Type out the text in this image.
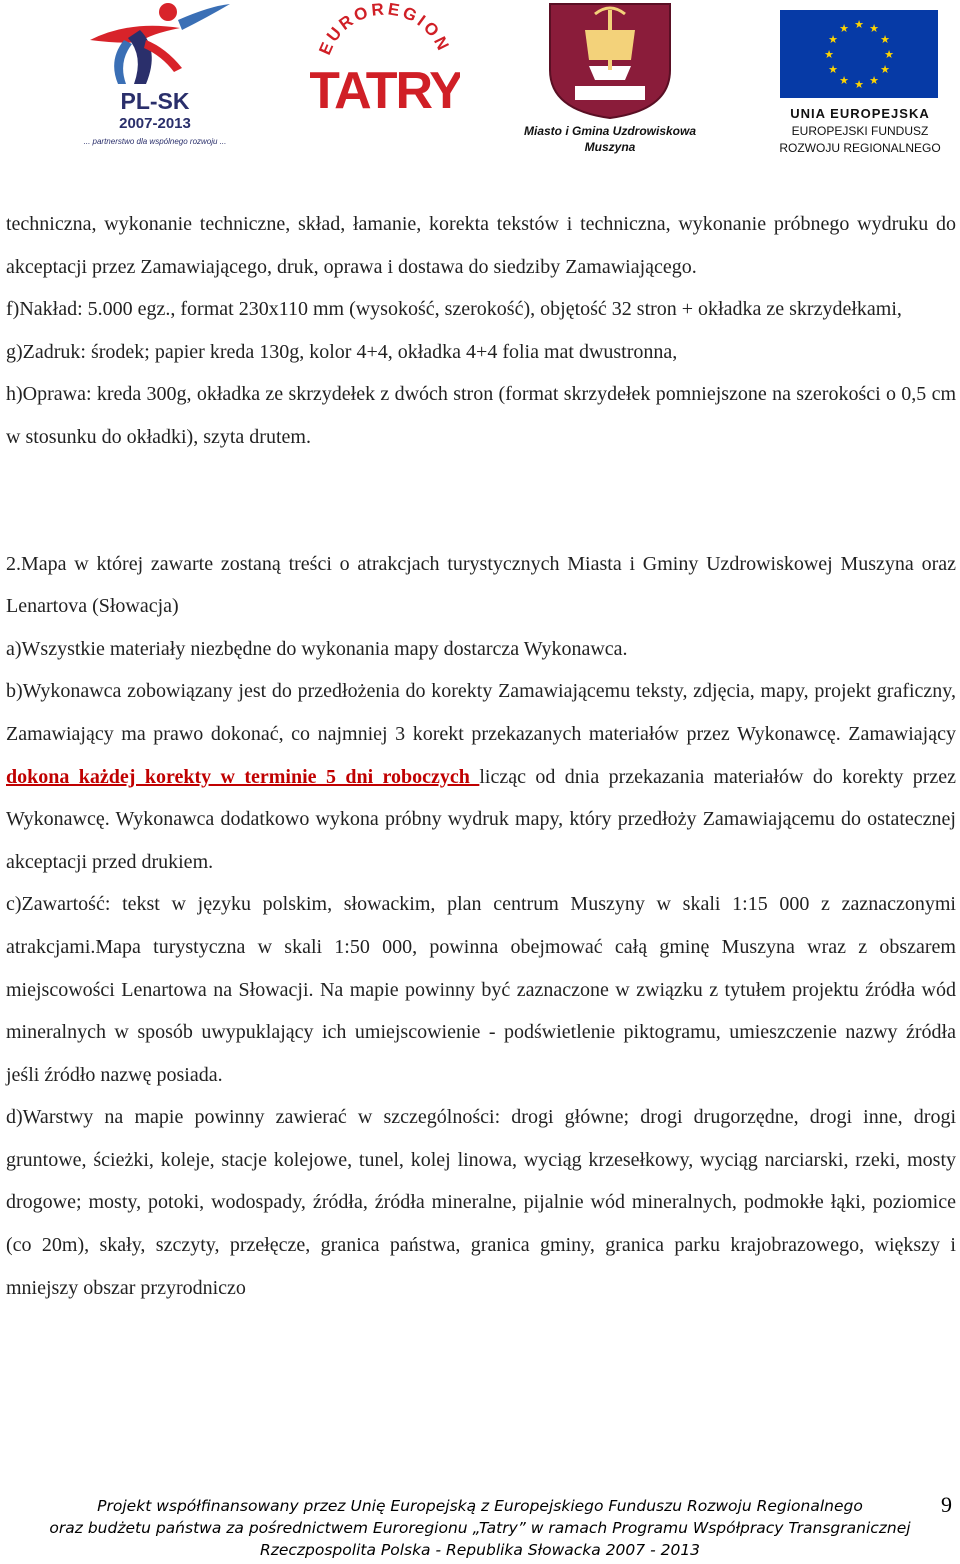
PL-SK
2007-2013
... partnerstwo dla wspólnego rozwoju ...
EUROREGION
TATRY
Miasto i Gmina Uzdrowiskowa
Muszyna
★ ★
★
★
★
★
★
★
★
★
★
★
UNIA EUROPEJSKA
EUROPEJSKI FUNDUSZ
ROZWOJU REGIONALNEGO

techniczna, wykonanie techniczne, skład, łamanie, korekta tekstów i techniczna, wykonanie próbnego wydruku do akceptacji przez Zamawiającego, druk, oprawa i dostawa do siedziby Zamawiającego.

f)Nakład: 5.000 egz., format 230x110 mm (wysokość, szerokość), objętość 32 stron + okładka ze skrzydełkami,

g)Zadruk: środek; papier kreda 130g, kolor 4+4, okładka 4+4 folia mat dwustronna,

h)Oprawa: kreda 300g, okładka ze skrzydełek z dwóch stron (format skrzydełek pomniejszone na szerokości o 0,5 cm w stosunku do okładki), szyta drutem.

2.Mapa w której zawarte zostaną treści o atrakcjach turystycznych Miasta i Gminy Uzdrowiskowej Muszyna oraz Lenartova (Słowacja)

a)Wszystkie materiały niezbędne do wykonania mapy dostarcza Wykonawca.

b)Wykonawca zobowiązany jest do przedłożenia do korekty Zamawiającemu teksty, zdjęcia, mapy, projekt graficzny, Zamawiający ma prawo dokonać, co najmniej 3 korekt przekazanych materiałów przez Wykonawcę. Zamawiający dokona każdej korekty w terminie 5 dni roboczych licząc od dnia przekazania materiałów do korekty przez Wykonawcę. Wykonawca dodatkowo wykona próbny wydruk mapy, który przedłoży Zamawiającemu do ostatecznej akceptacji przed drukiem.

c)Zawartość: tekst w języku polskim, słowackim, plan centrum Muszyny w skali 1:15 000 z zaznaczonymi atrakcjami.Mapa turystyczna w skali 1:50 000, powinna obejmować całą gminę Muszyna wraz z obszarem miejscowości Lenartowa na Słowacji. Na mapie powinny być zaznaczone w związku z tytułem projektu źródła wód mineralnych w sposób uwypuklający ich umiejscowienie - podświetlenie piktogramu, umieszczenie nazwy źródła jeśli źródło nazwę posiada.

d)Warstwy na mapie powinny zawierać w szczególności: drogi główne; drogi drugorzędne, drogi inne, drogi gruntowe, ścieżki, koleje, stacje kolejowe, tunel, kolej linowa, wyciąg krzesełkowy, wyciąg narciarski, rzeki, mosty drogowe; mosty, potoki, wodospady, źródła, źródła mineralne, pijalnie wód mineralnych, podmokłe łąki, poziomice (co 20m), skały, szczyty, przełęcze, granica państwa, granica gminy, granica parku krajobrazowego, większy i mniejszy obszar przyrodniczo

Projekt współfinansowany przez Unię Europejską z Europejskiego Funduszu Rozwoju Regionalnego
oraz budżetu państwa za pośrednictwem Euroregionu „Tatry” w ramach Programu Współpracy Transgranicznej
Rzeczpospolita Polska - Republika Słowacka 2007 - 2013
9
